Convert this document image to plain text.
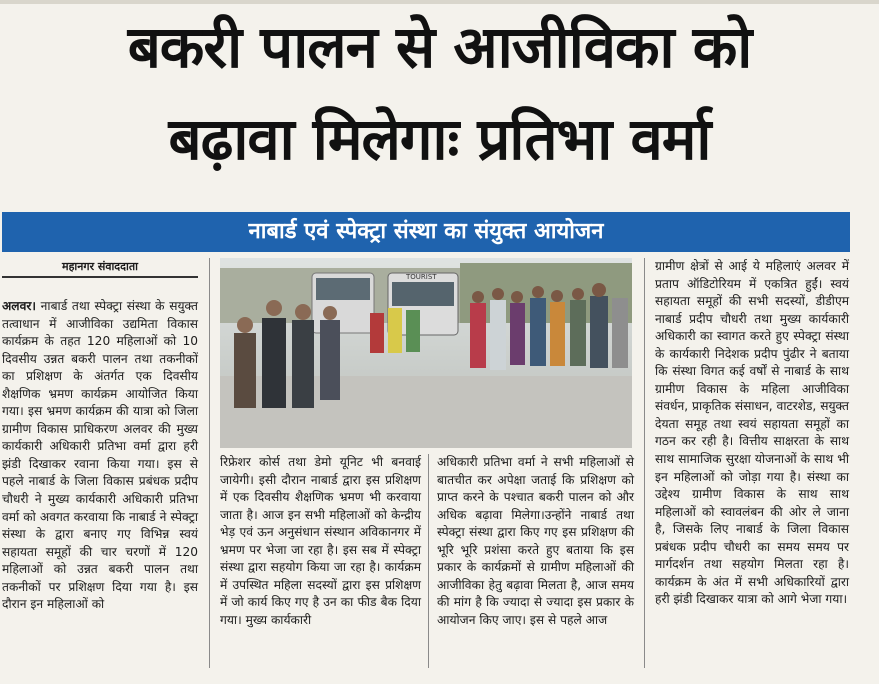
बकरी पालन से आजीविका को
बढ़ावा मिलेगाः प्रतिभा वर्मा
नाबार्ड एवं स्पेक्ट्रा संस्था का संयुक्त आयोजन
महानगर संवाददाता

अलवर। नाबार्ड तथा स्पेक्ट्रा संस्था के सयुक्त तत्वाधान में आजीविका उद्यमिता विकास कार्यक्रम के तहत 120 महिलाओं को 10 दिवसीय उन्नत बकरी पालन तथा तकनीकों का प्रशिक्षण के अंतर्गत एक दिवसीय शैक्षणिक भ्रमण कार्यक्रम आयोजित किया गया। इस भ्रमण कार्यक्रम की यात्रा को जिला ग्रामीण विकास प्राधिकरण अलवर की मुख्य कार्यकारी अधिकारी प्रतिभा वर्मा द्वारा हरी झंडी दिखाकर रवाना किया गया। इस से पहले नाबार्ड के जिला विकास प्रबंधक प्रदीप चौधरी ने मुख्य कार्यकारी अधिकारी प्रतिभा वर्मा को अवगत करवाया कि नाबार्ड ने स्पेक्ट्रा संस्था के द्वारा बनाए गए विभिन्न स्वयं सहायता समूहों की चार चरणों में 120 महिलाओं को उन्नत बकरी पालन तथा तकनीकों पर प्रशिक्षण दिया गया है। इस दौरान इन महिलाओं को

TOURIST

रिफ्रेशर कोर्स तथा डेमो यूनिट भी बनवाई जायेगी। इसी दौरान नाबार्ड द्वारा इस प्रशिक्षण में एक दिवसीय शैक्षणिक भ्रमण भी करवाया जाता है। आज इन सभी महिलाओं को केन्द्रीय भेड़ एवं ऊन अनुसंधान संस्थान अविकानगर में भ्रमण पर भेजा जा रहा है। इस सब में स्पेक्ट्रा संस्था द्वारा सहयोग किया जा रहा है। कार्यक्रम में उपस्थित महिला सदस्यों द्वारा इस प्रशिक्षण में जो कार्य किए गए है उन का फीड बैक दिया गया। मुख्य कार्यकारी

अधिकारी प्रतिभा वर्मा ने सभी महिलाओं से बातचीत कर अपेक्षा जताई कि प्रशिक्षण को प्राप्त करने के पश्चात बकरी पालन को और अधिक बढ़ावा मिलेगा।उन्होंने नाबार्ड तथा स्पेक्ट्रा संस्था द्वारा किए गए इस प्रशिक्षण की भूरि भूरि प्रशंसा करते हुए बताया कि इस प्रकार के कार्यक्रमों से ग्रामीण महिलाओं की आजीविका हेतु बढ़ावा मिलता है, आज समय की मांग है कि ज्यादा से ज्यादा इस प्रकार के आयोजन किए जाए। इस से पहले आज

ग्रामीण क्षेत्रों से आई ये महिलाएं अलवर में प्रताप ऑडिटोरियम में एकत्रित हुईं। स्वयं सहायता समूहों की सभी सदस्यों, डीडीएम नाबार्ड प्रदीप चौधरी तथा मुख्य कार्यकारी अधिकारी का स्वागत करते हुए स्पेक्ट्रा संस्था के कार्यकारी निदेशक प्रदीप पुंढीर ने बताया कि संस्था विगत कई वर्षों से नाबार्ड के साथ ग्रामीण विकास के महिला आजीविका संवर्धन, प्राकृतिक संसाधन, वाटरशेड, सयुक्त देयता समूह तथा स्वयं सहायता समूहों का गठन कर रही है। वित्तीय साक्षरता के साथ साथ सामाजिक सुरक्षा योजनाओं के साथ भी इन महिलाओं को जोड़ा गया है। संस्था का उद्देश्य ग्रामीण विकास के साथ साथ महिलाओं को स्वावलंबन की ओर ले जाना है, जिसके लिए नाबार्ड के जिला विकास प्रबंधक प्रदीप चौधरी का समय समय पर मार्गदर्शन तथा सहयोग मिलता रहा है। कार्यक्रम के अंत में सभी अधिकारियों द्वारा हरी झंडी दिखाकर यात्रा को आगे भेजा गया।
